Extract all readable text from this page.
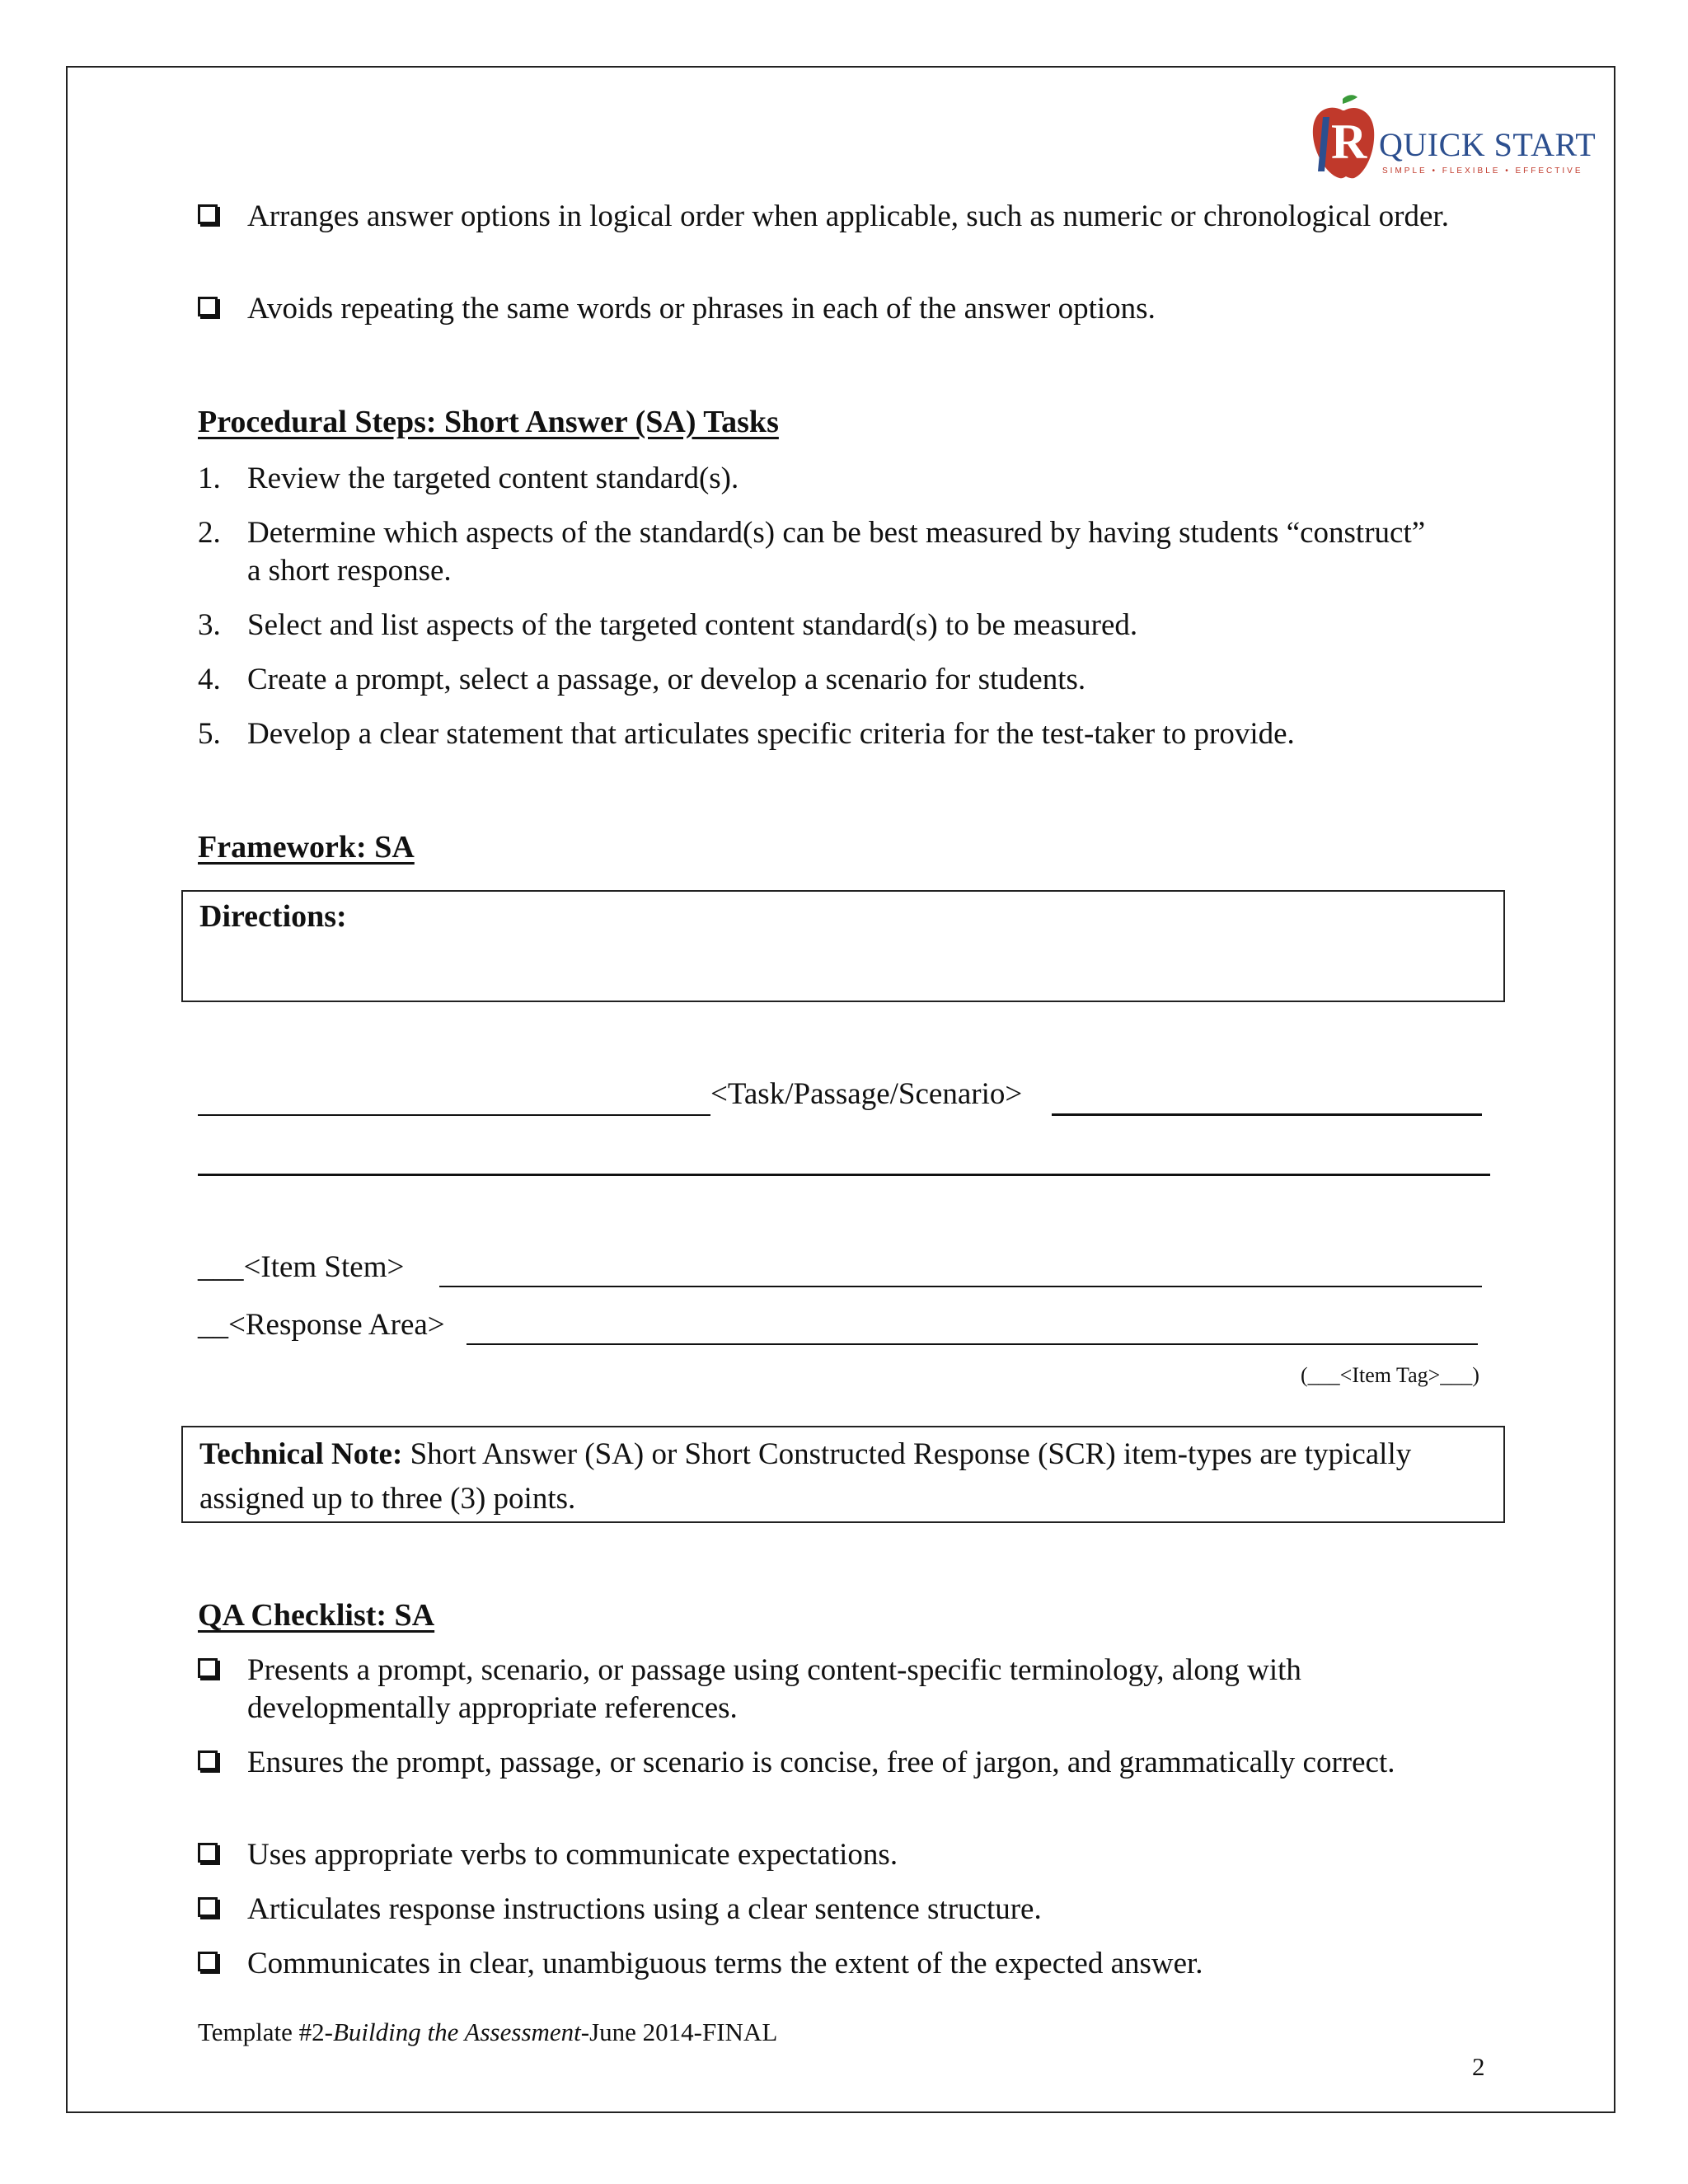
R QUICK START
SIMPLE • FLEXIBLE • EFFECTIVE
Arranges answer options in logical order when applicable, such as numeric or chronological order.
Avoids repeating the same words or phrases in each of the answer options.
Procedural Steps: Short Answer (SA) Tasks
1. Review the targeted content standard(s).
2. Determine which aspects of the standard(s) can be best measured by having students “construct” a short response.
3. Select and list aspects of the targeted content standard(s) to be measured.
4. Create a prompt, select a passage, or develop a scenario for students.
5. Develop a clear statement that articulates specific criteria for the test-taker to provide.
Framework: SA
Directions:
<Task/Passage/Scenario>
___<Item Stem>
__<Response Area>
(___<Item Tag>___)
Technical Note: Short Answer (SA) or Short Constructed Response (SCR) item-types are typically assigned up to three (3) points.
QA Checklist: SA
Presents a prompt, scenario, or passage using content-specific terminology, along with developmentally appropriate references.
Ensures the prompt, passage, or scenario is concise, free of jargon, and grammatically correct.
Uses appropriate verbs to communicate expectations.
Articulates response instructions using a clear sentence structure.
Communicates in clear, unambiguous terms the extent of the expected answer.
Template #2-Building the Assessment-June 2014-FINAL
2
